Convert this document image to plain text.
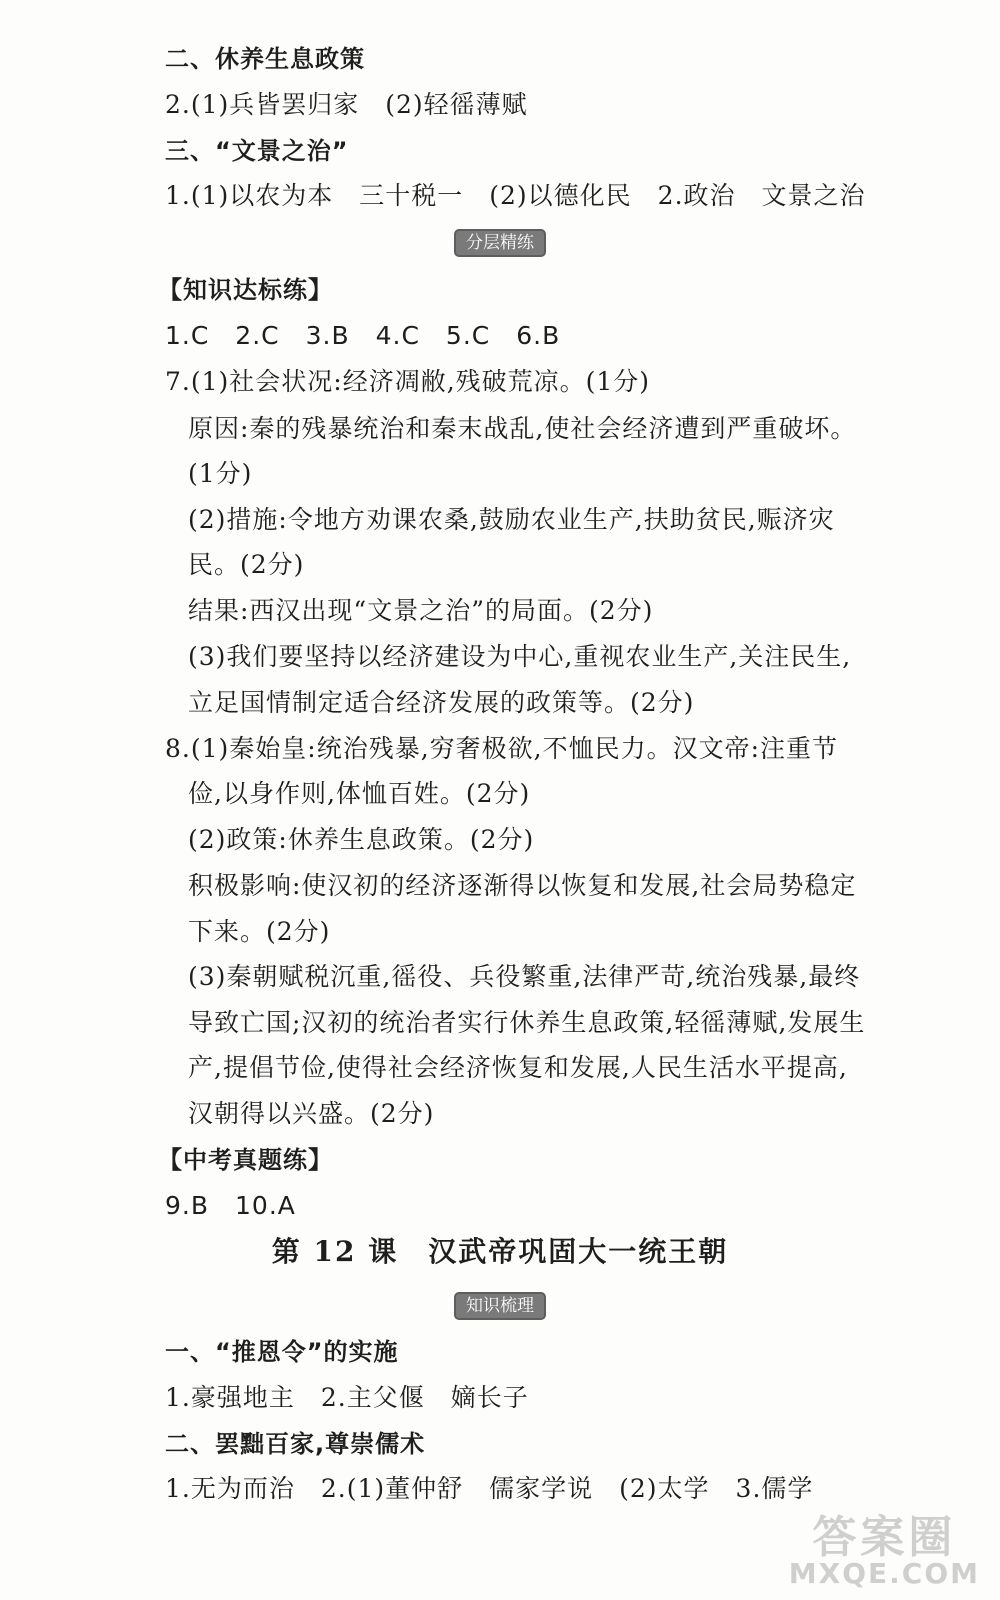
二、休养生息政策
2.(1)兵皆罢归家　(2)轻徭薄赋
三、“文景之治”
1.(1)以农为本　三十税一　(2)以德化民　2.政治　文景之治
分层精练
【知识达标练】
1.C　2.C　3.B　4.C　5.C　6.B
7.(1)社会状况:经济凋敝,残破荒凉。(1分)
原因:秦的残暴统治和秦末战乱,使社会经济遭到严重破坏。
(1分)
(2)措施:令地方劝课农桑,鼓励农业生产,扶助贫民,赈济灾
民。(2分)
结果:西汉出现“文景之治”的局面。(2分)
(3)我们要坚持以经济建设为中心,重视农业生产,关注民生,
立足国情制定适合经济发展的政策等。(2分)
8.(1)秦始皇:统治残暴,穷奢极欲,不恤民力。汉文帝:注重节
俭,以身作则,体恤百姓。(2分)
(2)政策:休养生息政策。(2分)
积极影响:使汉初的经济逐渐得以恢复和发展,社会局势稳定
下来。(2分)
(3)秦朝赋税沉重,徭役、兵役繁重,法律严苛,统治残暴,最终
导致亡国;汉初的统治者实行休养生息政策,轻徭薄赋,发展生
产,提倡节俭,使得社会经济恢复和发展,人民生活水平提高,
汉朝得以兴盛。(2分)
【中考真题练】
9.B　10.A
第 12 课　汉武帝巩固大一统王朝
知识梳理
一、“推恩令”的实施
1.豪强地主　2.主父偃　嫡长子
二、罢黜百家,尊崇儒术
1.无为而治　2.(1)董仲舒　儒家学说　(2)太学　3.儒学
答案圈
MXQE.COM
